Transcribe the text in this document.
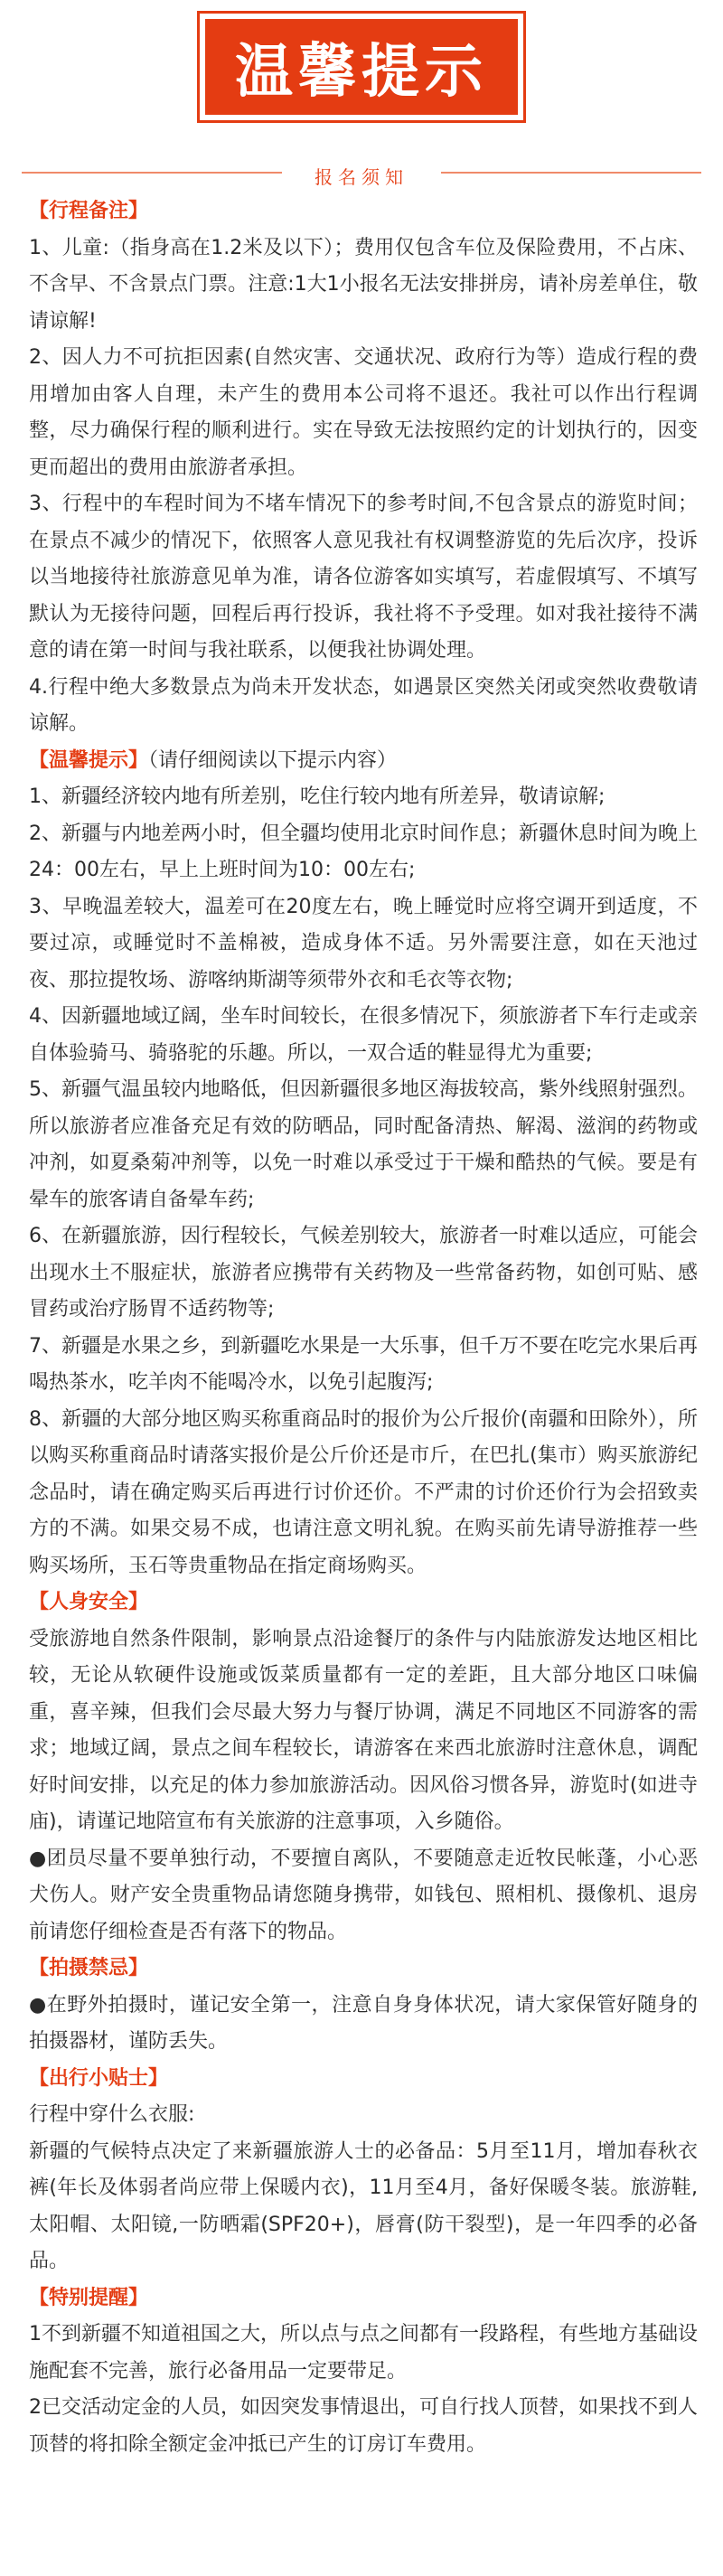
温馨提示
报名须知

【行程备注】

1、儿童:（指身高在1.2米及以下）；费用仅包含车位及保险费用，不占床、不含早、不含景点门票。注意:1大1小报名无法安排拼房，请补房差单住，敬请谅解!

2、因人力不可抗拒因素(自然灾害、交通状况、政府行为等）造成行程的费用增加由客人自理，未产生的费用本公司将不退还。我社可以作出行程调整，尽力确保行程的顺利进行。实在导致无法按照约定的计划执行的，因变更而超出的费用由旅游者承担。

3、行程中的车程时间为不堵车情况下的参考时间,不包含景点的游览时间；在景点不减少的情况下，依照客人意见我社有权调整游览的先后次序，投诉以当地接待社旅游意见单为准，请各位游客如实填写，若虚假填写、不填写默认为无接待问题，回程后再行投诉，我社将不予受理。如对我社接待不满意的请在第一时间与我社联系，以便我社协调处理。

4.行程中绝大多数景点为尚未开发状态，如遇景区突然关闭或突然收费敬请谅解。

【温馨提示】（请仔细阅读以下提示内容）

1、新疆经济较内地有所差别，吃住行较内地有所差异，敬请谅解;

2、新疆与内地差两小时，但全疆均使用北京时间作息；新疆休息时间为晚上24：00左右，早上上班时间为10：00左右;

3、早晚温差较大，温差可在20度左右，晚上睡觉时应将空调开到适度，不要过凉，或睡觉时不盖棉被，造成身体不适。另外需要注意，如在天池过夜、那拉提牧场、游喀纳斯湖等须带外衣和毛衣等衣物;

4、因新疆地域辽阔，坐车时间较长，在很多情况下，须旅游者下车行走或亲自体验骑马、骑骆驼的乐趣。所以，一双合适的鞋显得尤为重要;

5、新疆气温虽较内地略低，但因新疆很多地区海拔较高，紫外线照射强烈。所以旅游者应准备充足有效的防晒品，同时配备清热、解渴、滋润的药物或冲剂，如夏桑菊冲剂等，以免一时难以承受过于干燥和酷热的气候。要是有晕车的旅客请自备晕车药;

6、在新疆旅游，因行程较长，气候差别较大，旅游者一时难以适应，可能会出现水土不服症状，旅游者应携带有关药物及一些常备药物，如创可贴、感冒药或治疗肠胃不适药物等;

7、新疆是水果之乡，到新疆吃水果是一大乐事，但千万不要在吃完水果后再喝热茶水，吃羊肉不能喝冷水，以免引起腹泻;

8、新疆的大部分地区购买称重商品时的报价为公斤报价(南疆和田除外），所以购买称重商品时请落实报价是公斤价还是市斤，在巴扎(集市）购买旅游纪念品时，请在确定购买后再进行讨价还价。不严肃的讨价还价行为会招致卖方的不满。如果交易不成，也请注意文明礼貌。在购买前先请导游推荐一些购买场所，玉石等贵重物品在指定商场购买。

【人身安全】

受旅游地自然条件限制，影响景点沿途餐厅的条件与内陆旅游发达地区相比较，无论从软硬件设施或饭菜质量都有一定的差距，且大部分地区口味偏重，喜辛辣，但我们会尽最大努力与餐厅协调，满足不同地区不同游客的需求；地域辽阔，景点之间车程较长，请游客在来西北旅游时注意休息，调配好时间安排，以充足的体力参加旅游活动。因风俗习惯各异，游览时(如进寺庙)，请谨记地陪宣布有关旅游的注意事项，入乡随俗。

●团员尽量不要单独行动，不要擅自离队，不要随意走近牧民帐蓬，小心恶犬伤人。财产安全贵重物品请您随身携带，如钱包、照相机、摄像机、退房前请您仔细检查是否有落下的物品。

【拍摄禁忌】

●在野外拍摄时，谨记安全第一，注意自身身体状况，请大家保管好随身的拍摄器材，谨防丢失。

【出行小贴士】

行程中穿什么衣服:

新疆的气候特点决定了来新疆旅游人士的必备品：5月至11月，增加春秋衣裤(年长及体弱者尚应带上保暖内衣)，11月至4月，备好保暖冬装。旅游鞋,太阳帽、太阳镜,一防晒霜(SPF20+)，唇膏(防干裂型)，是一年四季的必备品。

【特别提醒】

1不到新疆不知道祖国之大，所以点与点之间都有一段路程，有些地方基础设施配套不完善，旅行必备用品一定要带足。

2已交活动定金的人员，如因突发事情退出，可自行找人顶替，如果找不到人顶替的将扣除全额定金冲抵已产生的订房订车费用。
